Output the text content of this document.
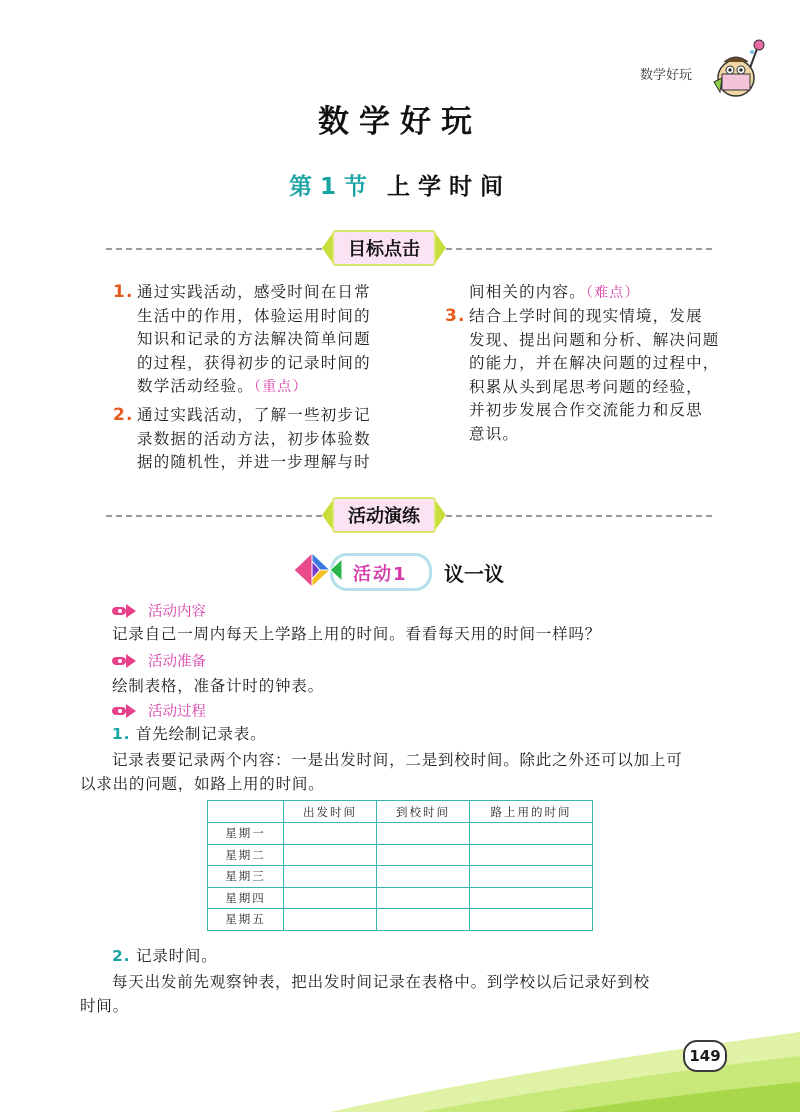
数学好玩
数学好玩
第 1 节 上学时间
目标点击
1. 通过实践活动，感受时间在日常
生活中的作用，体验运用时间的
知识和记录的方法解决简单问题
的过程，获得初步的记录时间的
数学活动经验。（重点）
2. 通过实践活动，了解一些初步记
录数据的活动方法，初步体验数
据的随机性，并进一步理解与时
间相关的内容。（难点）
3. 结合上学时间的现实情境，发展
发现、提出问题和分析、解决问题
的能力，并在解决问题的过程中，
积累从头到尾思考问题的经验，
并初步发展合作交流能力和反思
意识。
活动演练
活动1 议一议
活动内容
记录自己一周内每天上学路上用的时间。看看每天用的时间一样吗？
活动准备
绘制表格，准备计时的钟表。
活动过程
1. 首先绘制记录表。
记录表要记录两个内容：一是出发时间，二是到校时间。除此之外还可以加上可
以求出的问题，如路上用的时间。
	出发时间	到校时间	路上用的时间
星期一			
星期二			
星期三			
星期四			
星期五			
2. 记录时间。
每天出发前先观察钟表，把出发时间记录在表格中。到学校以后记录好到校
时间。
149
